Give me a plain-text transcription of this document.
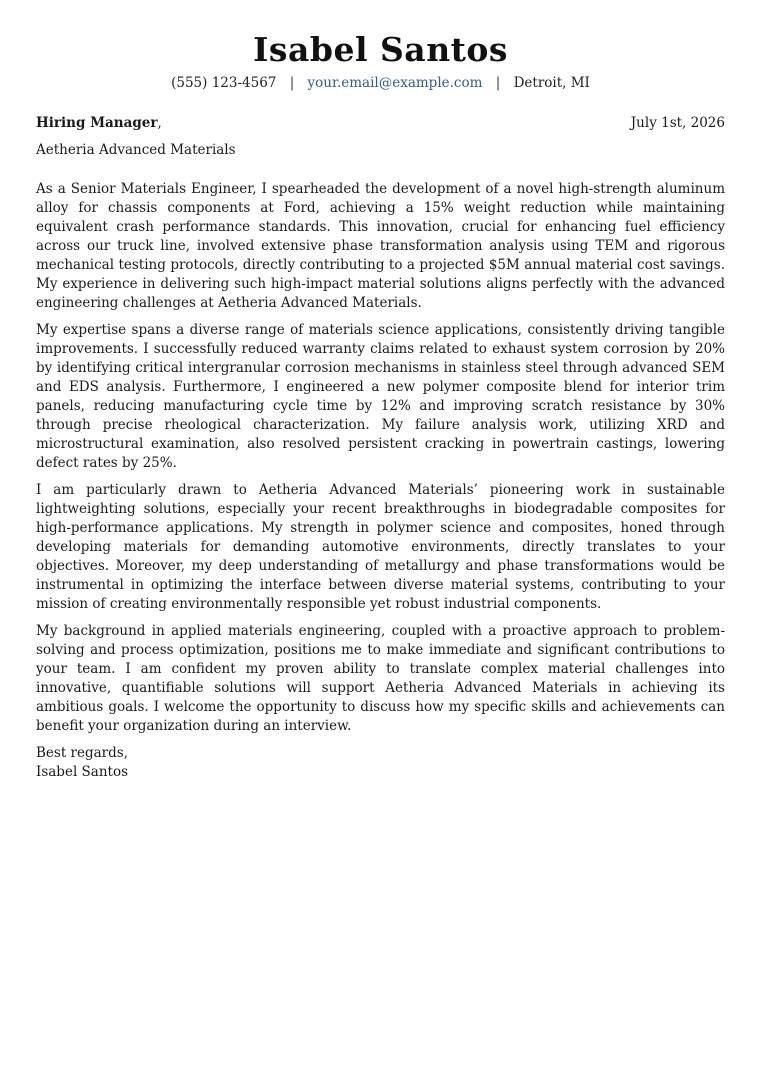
Isabel Santos
(555) 123-4567 | your.email@example.com | Detroit, MI
Hiring Manager,	July 1st, 2026
Aetheria Advanced Materials

As a Senior Materials Engineer, I spearheaded the development of a novel high-strength aluminum alloy for chassis components at Ford, achieving a 15% weight reduction while maintaining equivalent crash performance standards. This innovation, crucial for enhancing fuel efficiency across our truck line, involved extensive phase transformation analysis using TEM and rigorous mechanical testing protocols, directly contributing to a projected $5M annual material cost savings. My experience in delivering such high-impact material solutions aligns perfectly with the advanced engineering challenges at Aetheria Advanced Materials.

My expertise spans a diverse range of materials science applications, consistently driving tangible improvements. I successfully reduced warranty claims related to exhaust system corrosion by 20% by identifying critical intergranular corrosion mechanisms in stainless steel through advanced SEM and EDS analysis. Furthermore, I engineered a new polymer composite blend for interior trim panels, reducing manufacturing cycle time by 12% and improving scratch resistance by 30% through precise rheological characterization. My failure analysis work, utilizing XRD and microstructural examination, also resolved persistent cracking in powertrain castings, lowering defect rates by 25%.

I am particularly drawn to Aetheria Advanced Materials’ pioneering work in sustainable lightweighting solutions, especially your recent breakthroughs in biodegradable composites for high-performance applications. My strength in polymer science and composites, honed through developing materials for demanding automotive environments, directly translates to your objectives. Moreover, my deep understanding of metallurgy and phase transformations would be instrumental in optimizing the interface between diverse material systems, contributing to your mission of creating environmentally responsible yet robust industrial components.

My background in applied materials engineering, coupled with a proactive approach to problem-solving and process optimization, positions me to make immediate and significant contributions to your team. I am confident my proven ability to translate complex material challenges into innovative, quantifiable solutions will support Aetheria Advanced Materials in achieving its ambitious goals. I welcome the opportunity to discuss how my specific skills and achievements can benefit your organization during an interview.

Best regards,
Isabel Santos
